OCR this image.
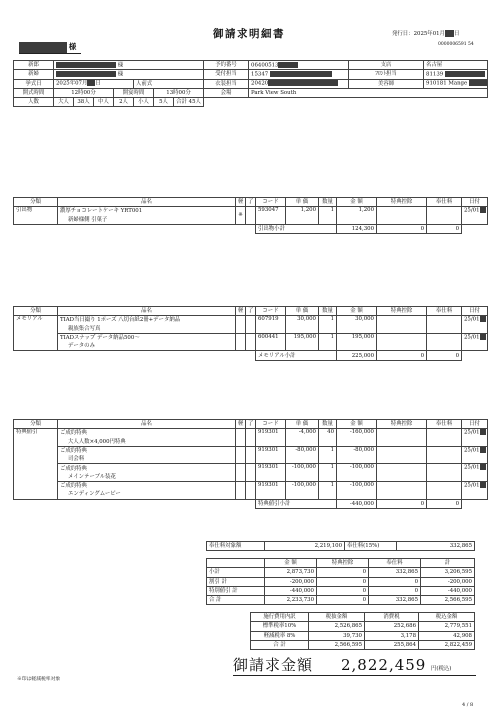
御請求明細書	発行日：2025年01月 日
0000006591 54
様
新郎	様							予約番号	06400513	支店	名古屋
新婦	様							受付担当	15347	ﾌﾛﾝﾄ担当	81139
挙式日	2025年07月 日				人前式			衣装担当	20420	美容師	910181 Mange
開式時間	12時00分			開宴時間		13時00分		会場	Park View South		
人数	大人	38人	中人	2人	小人	5人	合計 45人				
分類	品名	軽	了	コード	単 価	数量	金 額	特典控除	奉仕料	日付
引出物	濃厚チョコレートケーキ YRT001	※		593047	1,200	1	1,200			25/01
	新婦様側 引菓子									
				引出物小計			124,300	0	0	
分類	品名	軽	了	コード	単 価	数量	金 額	特典控除	奉仕料	日付
メモリアル	TIAD当日撮り 1ポーズ 八切台紙2冊+データ納品			607919	30,000	1	30,000			25/01
	親族集合写真									
	TIADスナップ データ納品500～			600441	195,000	1	195,000			25/01
	データのみ									
				メモリアル小計			225,000	0	0	
分類	品名	軽	了	コード	単 価	数量	金 額	特典控除	奉仕料	日付
特典値引	ご成約特典			919301	-4,000	40	-160,000			25/01
	大人人数×4,000円特典									
	ご成約特典			919301	-80,000	1	-80,000			25/01
	司会料									
	ご成約特典			919301	-100,000	1	-100,000			25/01
	メインテーブル装花									
	ご成約特典			919301	-100,000	1	-100,000			25/01
	エンディングムービー									
				特典値引小計			-440,000	0	0	
奉仕料対象額	2,219,100	奉仕料(15%)	332,865
	金 額	特典控除	奉仕料	計
小計	2,873,730	0	332,865	3,206,595
割引 計	-200,000	0	0	-200,000
特別値引 計	-440,000	0	0	-440,000
合 計	2,233,730	0	332,865	2,566,595
施行費用内訳	税抜金額	消費税	税込金額
標準税率10%	2,526,865	252,686	2,779,551
軽減税率 8%	39,730	3,178	42,908
合 計	2,566,595	255,864	2,822,459
御請求金額 2,822,459 円(税込)
※印は軽減税率対象
4 / 8
